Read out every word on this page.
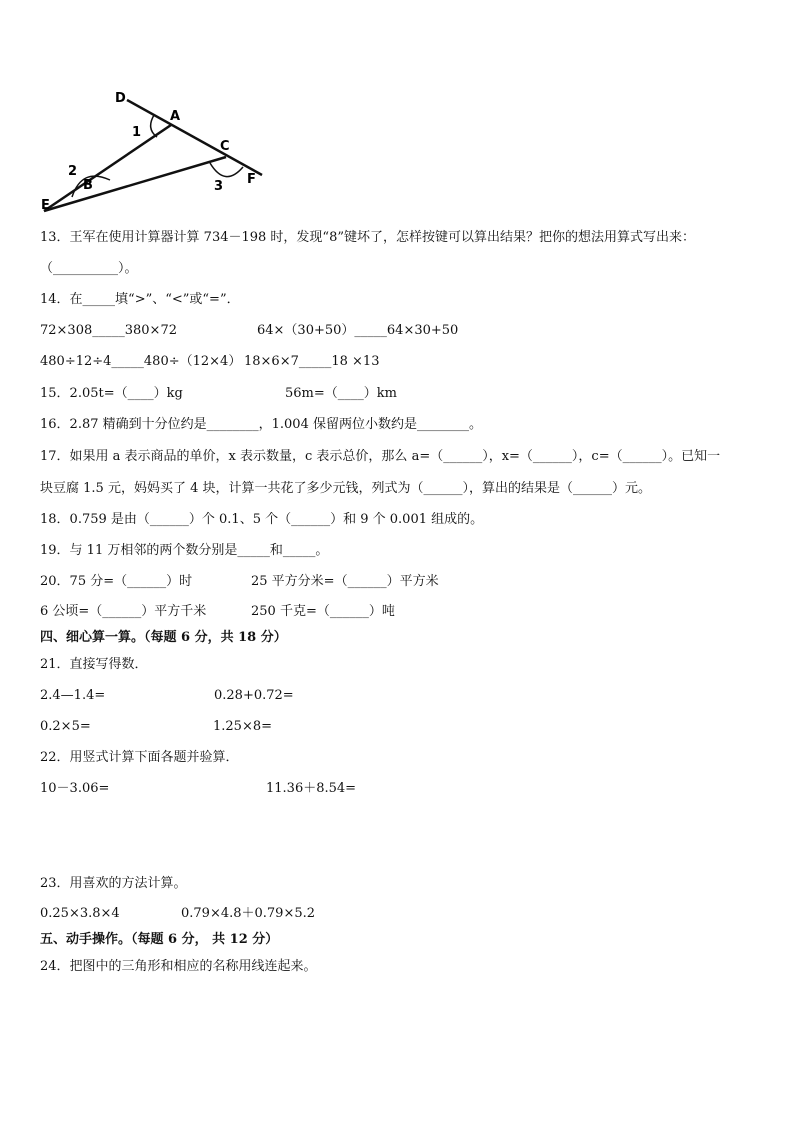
D
A
C
F
E
B
1
2
3
13．王军在使用计算器计算 734－198 时，发现“8”键坏了，怎样按键可以算出结果？把你的想法用算式写出来：
（__________）。
14．在_____填“>”、“<”或“=”．
72×308_____380×72	64×（30+50）_____64×30+50
480÷12÷4_____480÷（12×4） 18×6×7_____18 ×13
15．2.05t=（____）kg	56m=（____）km
16．2.87 精确到十分位约是________，1.004 保留两位小数约是________。
17．如果用 a 表示商品的单价，x 表示数量，c 表示总价，那么 a=（______），x=（______），c=（______）。已知一
块豆腐 1.5 元，妈妈买了 4 块，计算一共花了多少元钱，列式为（______），算出的结果是（______）元。
18．0.759 是由（______）个 0.1、5 个（______）和 9 个 0.001 组成的。
19．与 11 万相邻的两个数分别是_____和_____。
20．75 分=（______）时	25 平方分米=（______）平方米
6 公顷=（______）平方千米	250 千克=（______）吨
四、细心算一算。（每题 6 分，共 18 分）
21．直接写得数．
2.4—1.4=	0.28+0.72=
0.2×5=	1.25×8=
22．用竖式计算下面各题并验算．
10－3.06=	11.36＋8.54=
23．用喜欢的方法计算。
0.25×3.8×4	0.79×4.8＋0.79×5.2
五、动手操作。（每题 6 分， 共 12 分）
24．把图中的三角形和相应的名称用线连起来。
